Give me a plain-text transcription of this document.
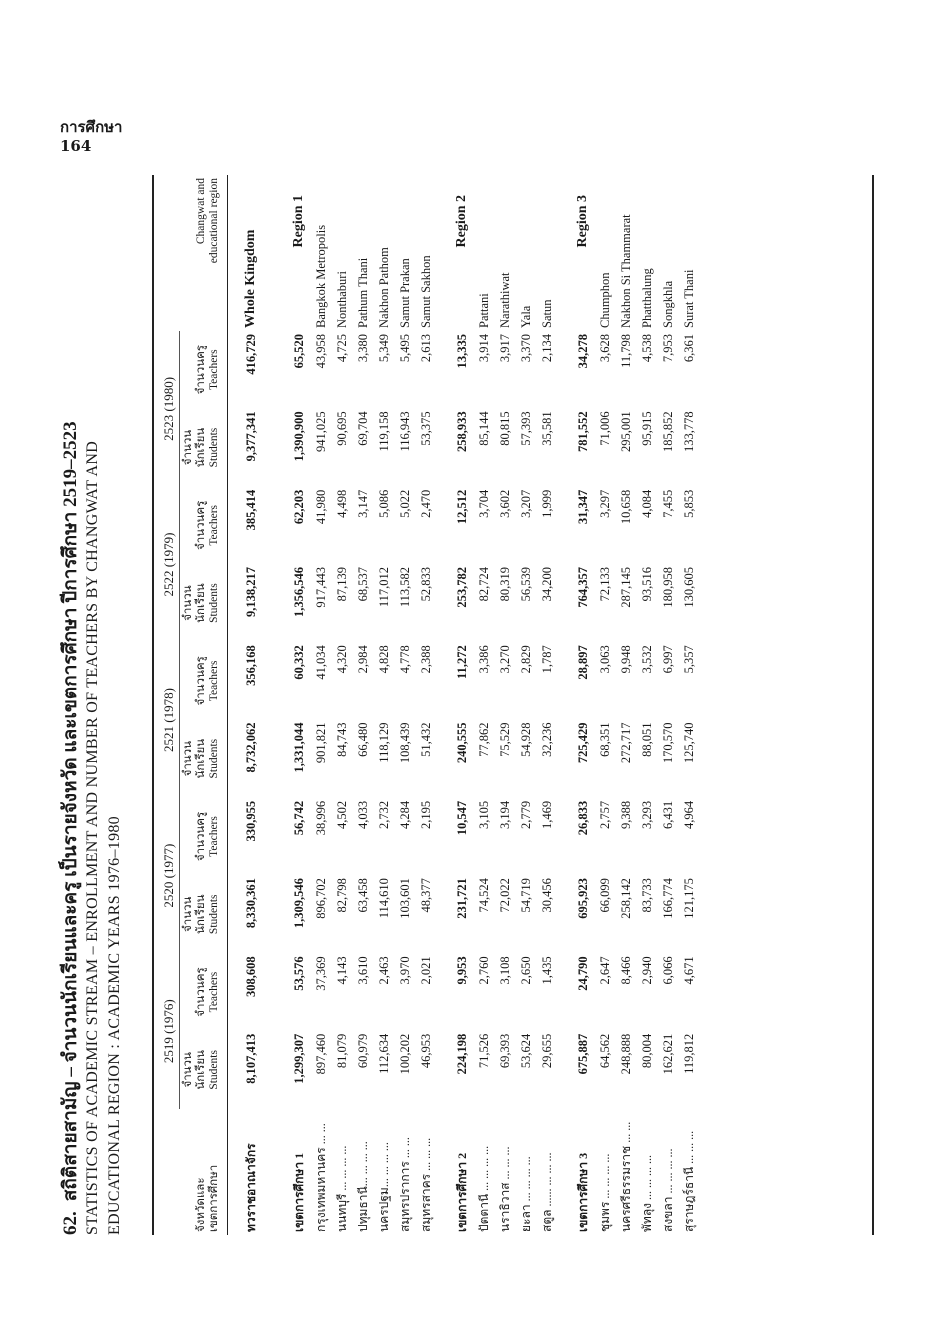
การศึกษา
164
62.สถิติสายสามัญ – จำนวนนักเรียนและครู เป็นรายจังหวัด และเขตการศึกษา ปีการศึกษา 2519–2523 STATISTICS OF ACADEMIC STREAM – ENROLLMENT AND NUMBER OF TEACHERS BY CHANGWAT AND EDUCATIONAL REGION : ACADEMIC YEARS 1976–1980	จังหวัดและ เขตการศึกษา	2519 (1976)		2520 (1977)		2521 (1978)		2522 (1979)		2523 (1980)		Changwat and educational region

	จำนวน นักเรียน Students	จำนวนครู Teachers	จำนวน นักเรียน Students	จำนวนครู Teachers	จำนวน นักเรียน Students	จำนวนครู Teachers	จำนวน นักเรียน Students	จำนวนครู Teachers	จำนวน นักเรียน Students	จำนวนครู Teachers	

ทวราชอาณาจักร	8,107,413	308,608	8,330,361	330,955	8,732,062	356,168	9,138,217	385,414	9,377,341	416,729	Whole Kingdom
เขตการศึกษา 1	1,299,307	53,576	1,309,546	56,742	1,331,044	60,332	1,356,546	62,203	1,390,900	65,520	Region 1
กรุงเทพมหานคร ... ...	897,460	37,369	896,702	38,996	901,821	41,034	917,443	41,980	941,025	43,958	Bangkok Metropolis
นนทบุรี ... ... ... ...	81,079	4,143	82,798	4,502	84,743	4,320	87,139	4,498	90,695	4,725	Nonthaburi
ปทุมธานี... ... ... ...	60,979	3,610	63,458	4,033	66,480	2,984	68,537	3,147	69,704	3,380	Pathum Thani
นครปฐม... ... ... ...	112,634	2,463	114,610	2,732	118,129	4,828	117,012	5,086	119,158	5,349	Nakhon Pathom
สมุทรปราการ ... ...	100,202	3,970	103,601	4,284	108,439	4,778	113,582	5,022	116,943	5,495	Samut Prakan
สมุทรสาคร ... ... ...	46,953	2,021	48,377	2,195	51,432	2,388	52,833	2,470	53,375	2,613	Samut Sakhon
เขตการศึกษา 2	224,198	9,953	231,721	10,547	240,555	11,272	253,782	12,512	258,933	13,335	Region 2
ปัตตานี ... ... ... ...	71,526	2,760	74,524	3,105	77,862	3,386	82,724	3,704	85,144	3,914	Pattani
นราธิวาส ... ... ...	69,393	3,108	72,022	3,194	75,529	3,270	80,319	3,602	80,815	3,917	Narathiwat
ยะลา ... ... ... ...	53,624	2,650	54,719	2,779	54,928	2,829	56,539	3,207	57,393	3,370	Yala
สตูล ...... ... ... ...	29,655	1,435	30,456	1,469	32,236	1,787	34,200	1,999	35,581	2,134	Satun
เขตการศึกษา 3	675,887	24,790	695,923	26,833	725,429	28,897	764,357	31,347	781,552	34,278	Region 3
ชุมพร ... ... ... ...	64,562	2,647	66,099	2,757	68,351	3,063	72,133	3,297	71,006	3,628	Chumphon
นครศรีธรรมราช ... ...	248,888	8,466	258,142	9,388	272,717	9,948	287,145	10,658	295,001	11,798	Nakhon Si Thammarat
พัทลุง ... ... ... ...	80,004	2,940	83,733	3,293	88,051	3,532	93,516	4,084	95,915	4,538	Phatthalung
สงขลา ... ... ... ...	162,621	6,066	166,774	6,431	170,570	6,997	180,958	7,455	185,852	7,953	Songkhla
สุราษฎร์ธานี ... ... ...	119,812	4,671	121,175	4,964	125,740	5,357	130,605	5,853	133,778	6,361	Surat Thani
